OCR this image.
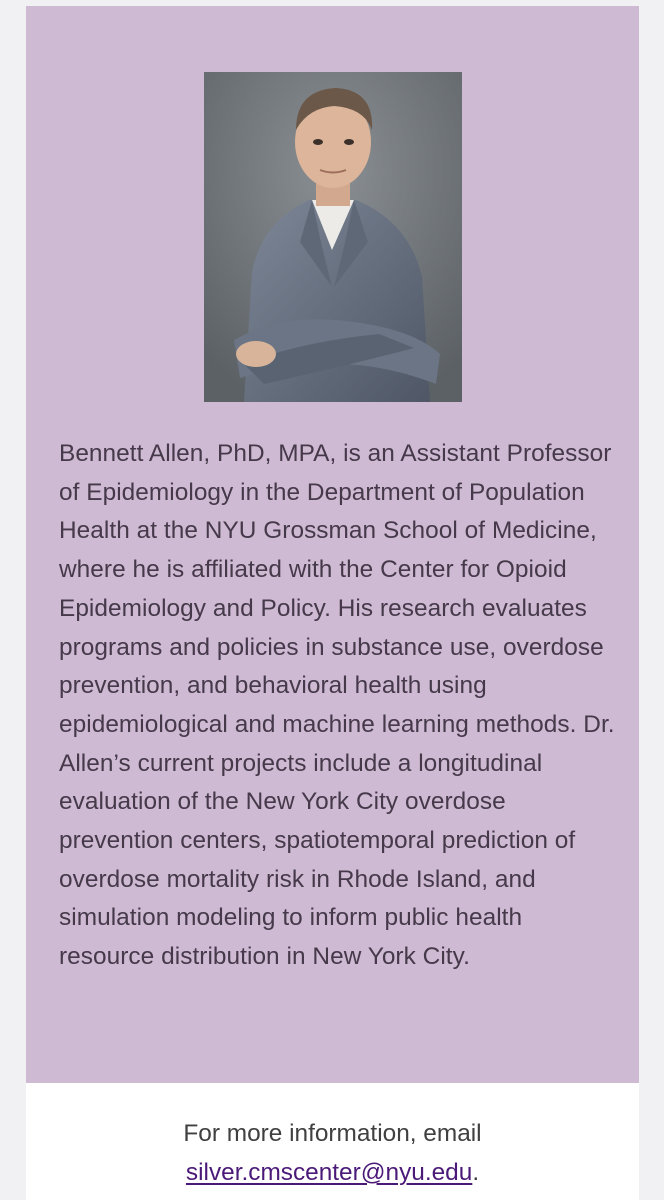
Bennett Allen, PhD, MPA, is an Assistant Professor of Epidemiology in the Department of Population Health at the NYU Grossman School of Medicine, where he is affiliated with the Center for Opioid Epidemiology and Policy. His research evaluates programs and policies in substance use, overdose prevention, and behavioral health using epidemiological and machine learning methods. Dr. Allen’s current projects include a longitudinal evaluation of the New York City overdose prevention centers, spatiotemporal prediction of overdose mortality risk in Rhode Island, and simulation modeling to inform public health resource distribution in New York City.

For more information, email
silver.cmscenter@nyu.edu.
